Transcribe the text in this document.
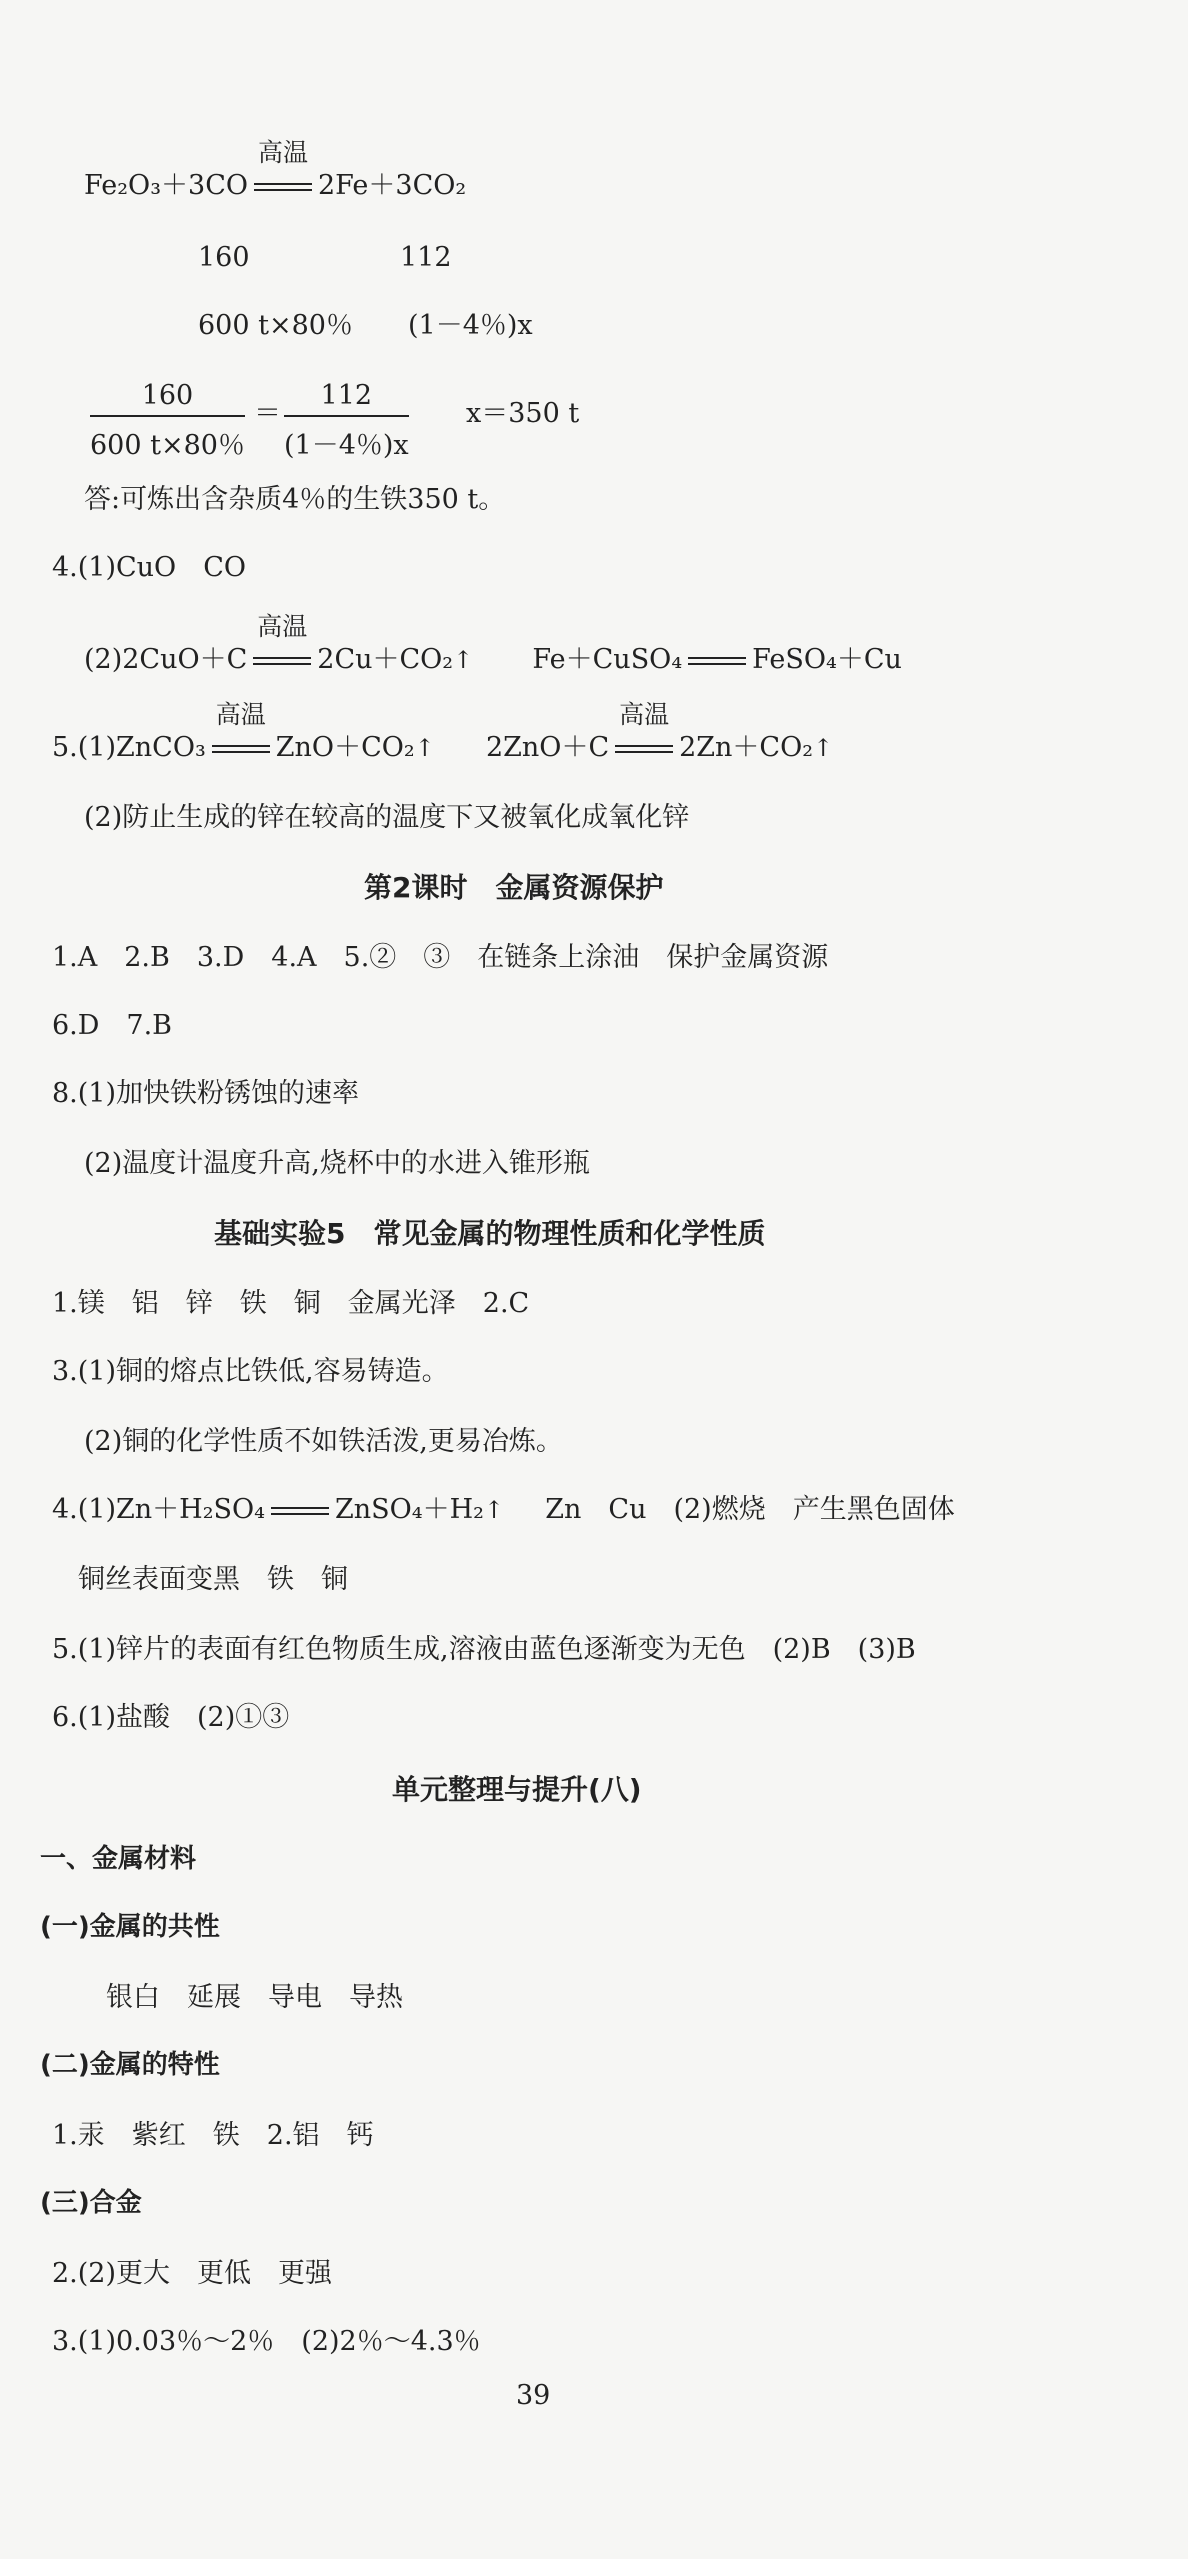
Fe₂O₃＋3CO
高温
2Fe＋3CO₂
160	112
600 t×80％ (1－4％)x
$\frac{160}{600 t\times 80\%} = \frac{112}{(1-4\%)x} x=350$ t
答:可炼出含杂质4％的生铁350 t。
4.(1)CuO　CO
(2)2CuO＋C
高温
2Cu＋CO₂↑ Fe＋CuSO₄	FeSO₄＋Cu
5.(1)ZnCO₃
高温
ZnO＋CO₂↑ 2ZnO＋C
高温
2Zn＋CO₂↑
(2)防止生成的锌在较高的温度下又被氧化成氧化锌
第2课时　金属资源保护
1.A　2.B　3.D　4.A　5.②　③　在链条上涂油　保护金属资源
6.D　7.B
8.(1)加快铁粉锈蚀的速率
(2)温度计温度升高,烧杯中的水进入锥形瓶
基础实验5　常见金属的物理性质和化学性质
1.镁　铝　锌　铁　铜　金属光泽　2.C
3.(1)铜的熔点比铁低,容易铸造。
(2)铜的化学性质不如铁活泼,更易冶炼。
4.(1)Zn＋H₂SO₄	ZnSO₄＋H₂↑ Zn　Cu　(2)燃烧　产生黑色固体
铜丝表面变黑　铁　铜
5.(1)锌片的表面有红色物质生成,溶液由蓝色逐渐变为无色　(2)B　(3)B
6.(1)盐酸　(2)①③
单元整理与提升(八)
一、金属材料
(一)金属的共性
银白　延展　导电　导热
(二)金属的特性
1.汞　紫红　铁　2.铝　钙
(三)合金
2.(2)更大　更低　更强
3.(1)0.03％～2％　(2)2％～4.3％
39
